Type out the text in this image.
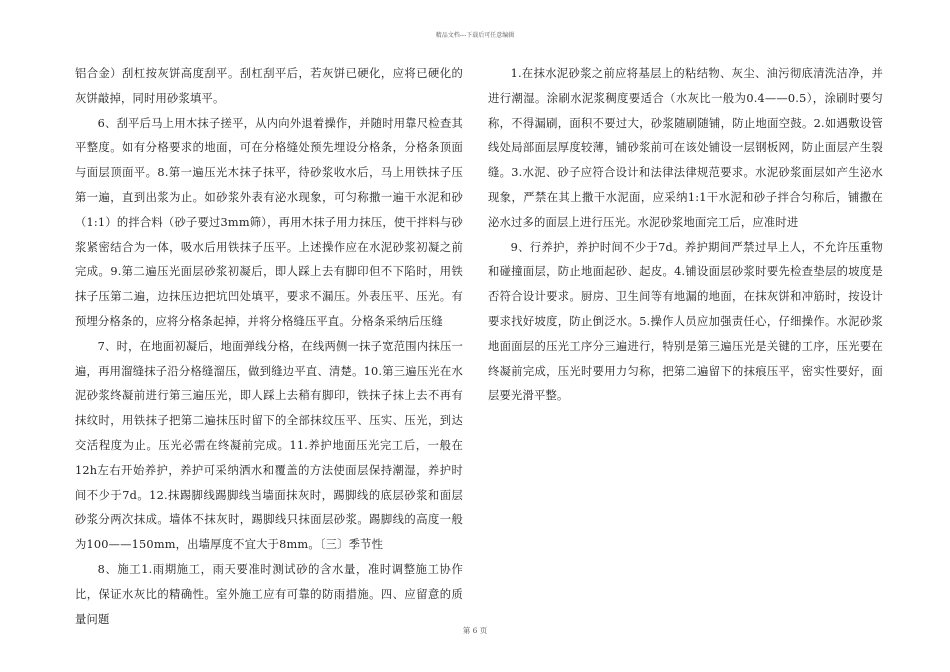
精品文档---下载后可任意编辑

铝合金）刮杠按灰饼高度刮平。刮杠刮平后，若灰饼已硬化，应将已硬化的灰饼敲掉，同时用砂浆填平。

6、刮平后马上用木抹子搓平，从内向外退着操作，并随时用靠尺检查其平整度。如有分格要求的地面，可在分格缝处预先埋设分格条，分格条顶面与面层顶面平。8.第一遍压光木抹子抹平，待砂浆收水后，马上用铁抹子压第一遍，直到出浆为止。如砂浆外表有泌水现象，可匀称撒一遍干水泥和砂（1:1）的拌合料（砂子要过3mm筛），再用木抹子用力抹压，使干拌料与砂浆紧密结合为一体，吸水后用铁抹子压平。上述操作应在水泥砂浆初凝之前完成。9.第二遍压光面层砂浆初凝后，即人踩上去有脚印但不下陷时，用铁抹子压第二遍，边抹压边把坑凹处填平，要求不漏压。外表压平、压光。有预埋分格条的，应将分格条起掉，并将分格缝压平直。分格条采纳后压缝

7、时，在地面初凝后，地面弹线分格，在线两侧一抹子宽范围内抹压一遍，再用溜缝抹子沿分格缝溜压，做到缝边平直、清楚。10.第三遍压光在水泥砂浆终凝前进行第三遍压光，即人踩上去稍有脚印，铁抹子抹上去不再有抹纹时，用铁抹子把第二遍抹压时留下的全部抹纹压平、压实、压光，到达交活程度为止。压光必需在终凝前完成。11.养护地面压光完工后，一般在12h左右开始养护，养护可采纳洒水和覆盖的方法使面层保持潮湿，养护时间不少于7d。12.抹踢脚线踢脚线当墙面抹灰时，踢脚线的底层砂浆和面层砂浆分两次抹成。墙体不抹灰时，踢脚线只抹面层砂浆。踢脚线的高度一般为100——150mm，出墙厚度不宜大于8mm。〔三〕季节性

8、施工1.雨期施工，雨天要准时测试砂的含水量，准时调整施工协作比，保证水灰比的精确性。室外施工应有可靠的防雨措施。四、应留意的质量问题

1.在抹水泥砂浆之前应将基层上的粘结物、灰尘、油污彻底清洗洁净，并进行潮湿。涂刷水泥浆稠度要适合（水灰比一般为0.4——0.5），涂刷时要匀称，不得漏刷，面积不要过大，砂浆随刷随铺，防止地面空鼓。2.如遇敷设管线处局部面层厚度较薄，铺砂浆前可在该处铺设一层钢板网，防止面层产生裂缝。3.水泥、砂子应符合设计和法律法律规范要求。水泥砂浆面层如产生泌水现象，严禁在其上撒干水泥面，应采纳1:1干水泥和砂子拌合匀称后，铺撒在泌水过多的面层上进行压光。水泥砂浆地面完工后，应准时进

9、行养护，养护时间不少于7d。养护期间严禁过早上人，不允许压重物和碰撞面层，防止地面起砂、起皮。4.铺设面层砂浆时要先检查垫层的坡度是否符合设计要求。厨房、卫生间等有地漏的地面，在抹灰饼和冲筋时，按设计要求找好坡度，防止倒泛水。5.操作人员应加强责任心，仔细操作。水泥砂浆地面面层的压光工序分三遍进行，特别是第三遍压光是关键的工序，压光要在终凝前完成，压光时要用力匀称，把第二遍留下的抹痕压平，密实性要好，面层要光滑平整。

第 6 页
